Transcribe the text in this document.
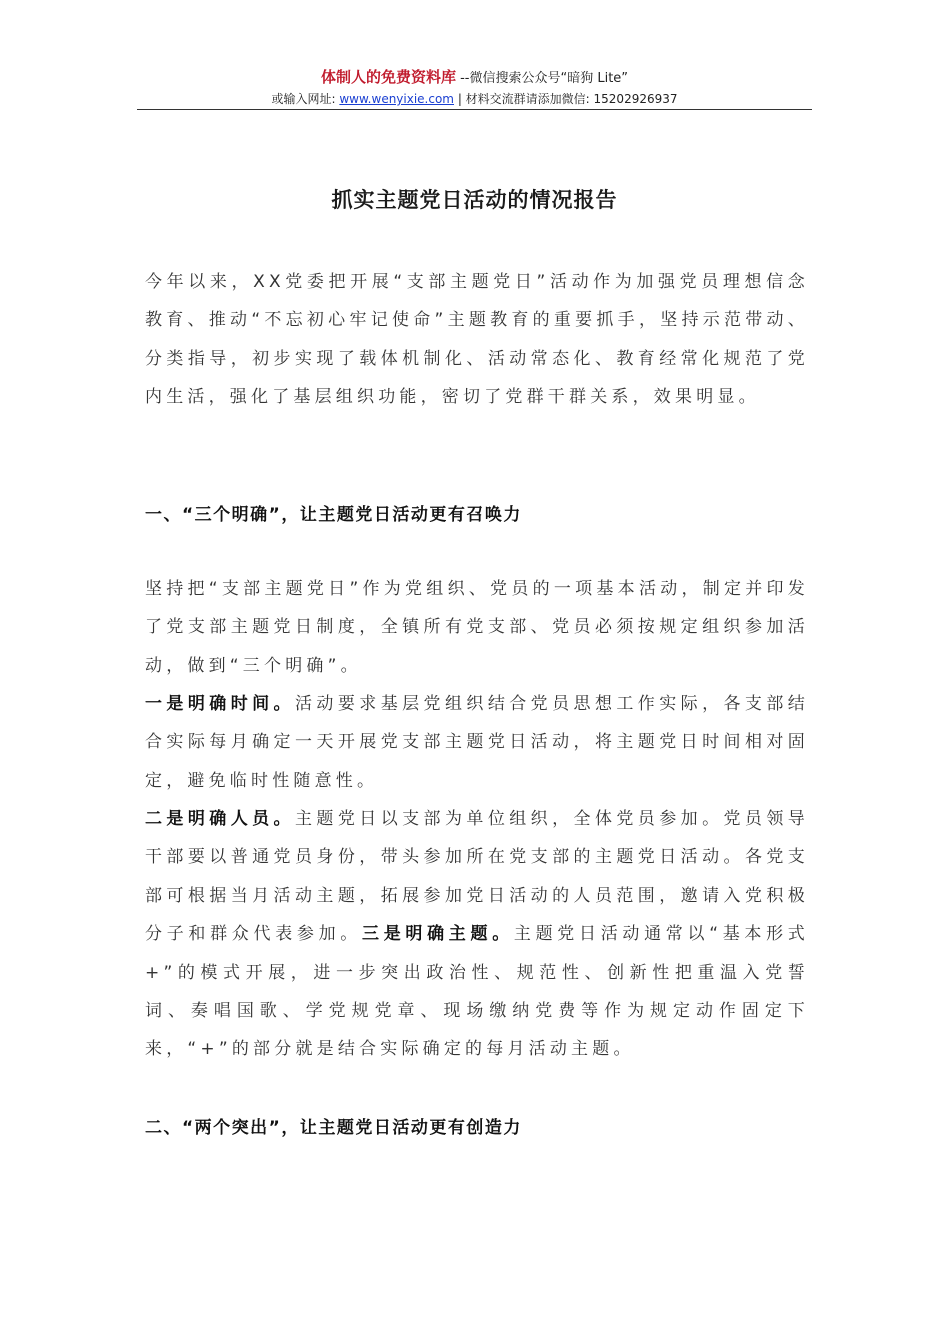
体制人的免费资料库 --微信搜索公众号“暗狗 Lite”
或输入网址: www.wenyixie.com | 材料交流群请添加微信: 15202926937
抓实主题党日活动的情况报告

今年以来，XX党委把开展“支部主题党日”活动作为加强党员理想信念教育、推动“不忘初心牢记使命”主题教育的重要抓手，坚持示范带动、分类指导，初步实现了载体机制化、活动常态化、教育经常化规范了党内生活，强化了基层组织功能，密切了党群干群关系，效果明显。

一、“三个明确”，让主题党日活动更有召唤力

坚持把“支部主题党日”作为党组织、党员的一项基本活动，制定并印发了党支部主题党日制度，全镇所有党支部、党员必须按规定组织参加活动，做到“三个明确”。

一是明确时间。活动要求基层党组织结合党员思想工作实际，各支部结合实际每月确定一天开展党支部主题党日活动，将主题党日时间相对固定，避免临时性随意性。

二是明确人员。主题党日以支部为单位组织，全体党员参加。党员领导干部要以普通党员身份，带头参加所在党支部的主题党日活动。各党支部可根据当月活动主题，拓展参加党日活动的人员范围，邀请入党积极分子和群众代表参加。三是明确主题。主题党日活动通常以“基本形式+”的模式开展，进一步突出政治性、规范性、创新性把重温入党誓词、奏唱国歌、学党规党章、现场缴纳党费等作为规定动作固定下来，“+”的部分就是结合实际确定的每月活动主题。

二、“两个突出”，让主题党日活动更有创造力
